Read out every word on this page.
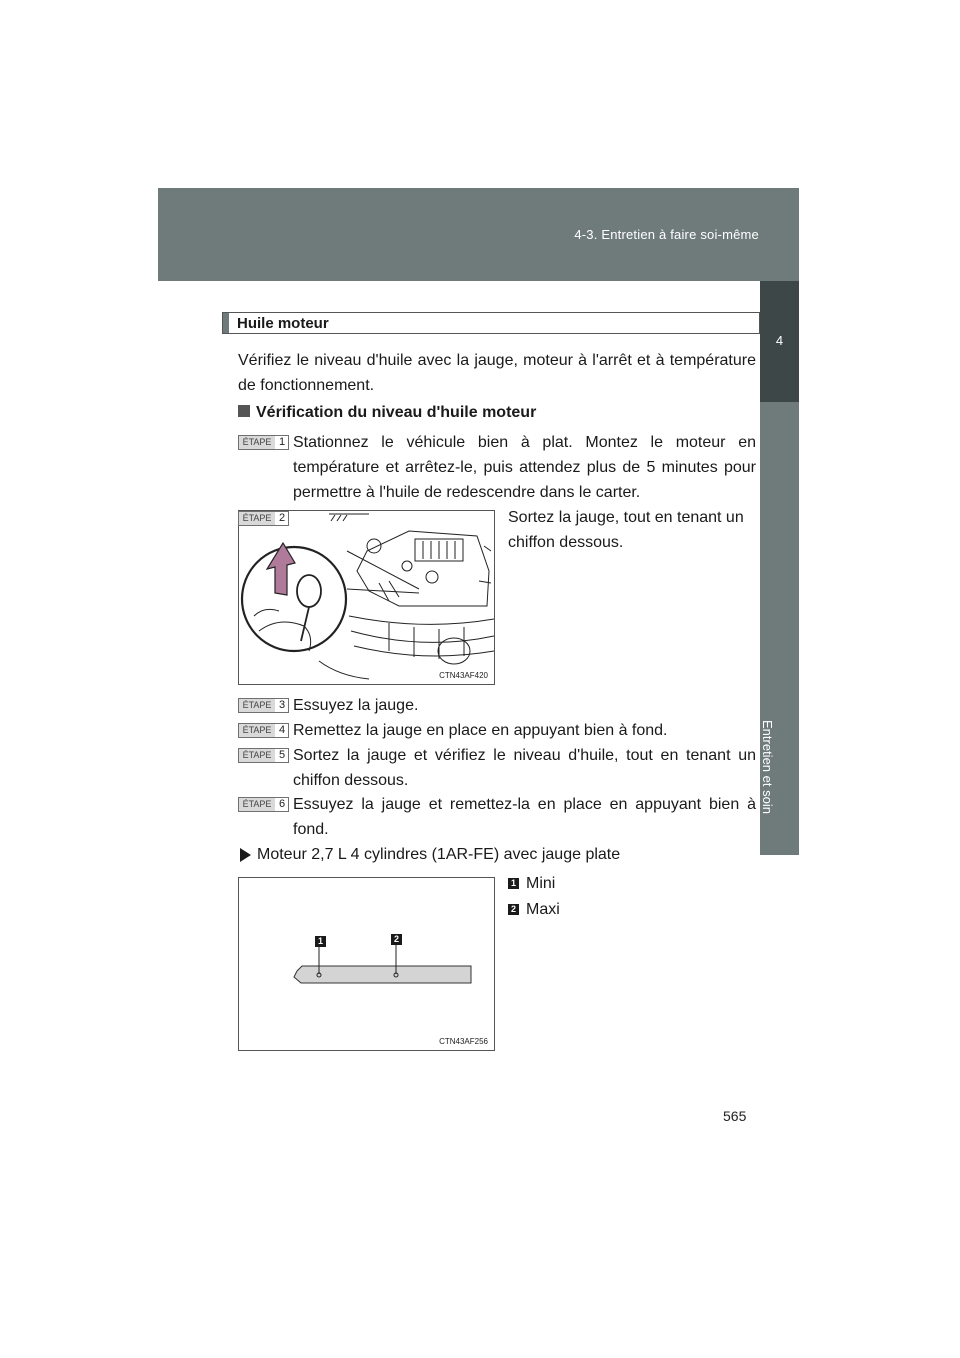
4-3. Entretien à faire soi-même
4
Entretien et soin
Huile moteur
Vérifiez le niveau d'huile avec la jauge, moteur à l'arrêt et à température de fonctionnement.
Vérification du niveau d'huile moteur
ÉTAPE 1 Stationnez le véhicule bien à plat. Montez le moteur en température et arrêtez-le, puis attendez plus de 5 minutes pour permettre à l'huile de redescendre dans le carter.
CTN43AF420
ÉTAPE 2	Sortez la jauge, tout en tenant un chiffon dessous.
ÉTAPE 3 Essuyez la jauge.
ÉTAPE 4 Remettez la jauge en place en appuyant bien à fond.
ÉTAPE 5 Sortez la jauge et vérifiez le niveau d'huile, tout en tenant un chiffon dessous.
ÉTAPE 6 Essuyez la jauge et remettez-la en place en appuyant bien à fond.
Moteur 2,7 L 4 cylindres (1AR-FE) avec jauge plate
1	2
CTN43AF256
1 Mini
2 Maxi
565
